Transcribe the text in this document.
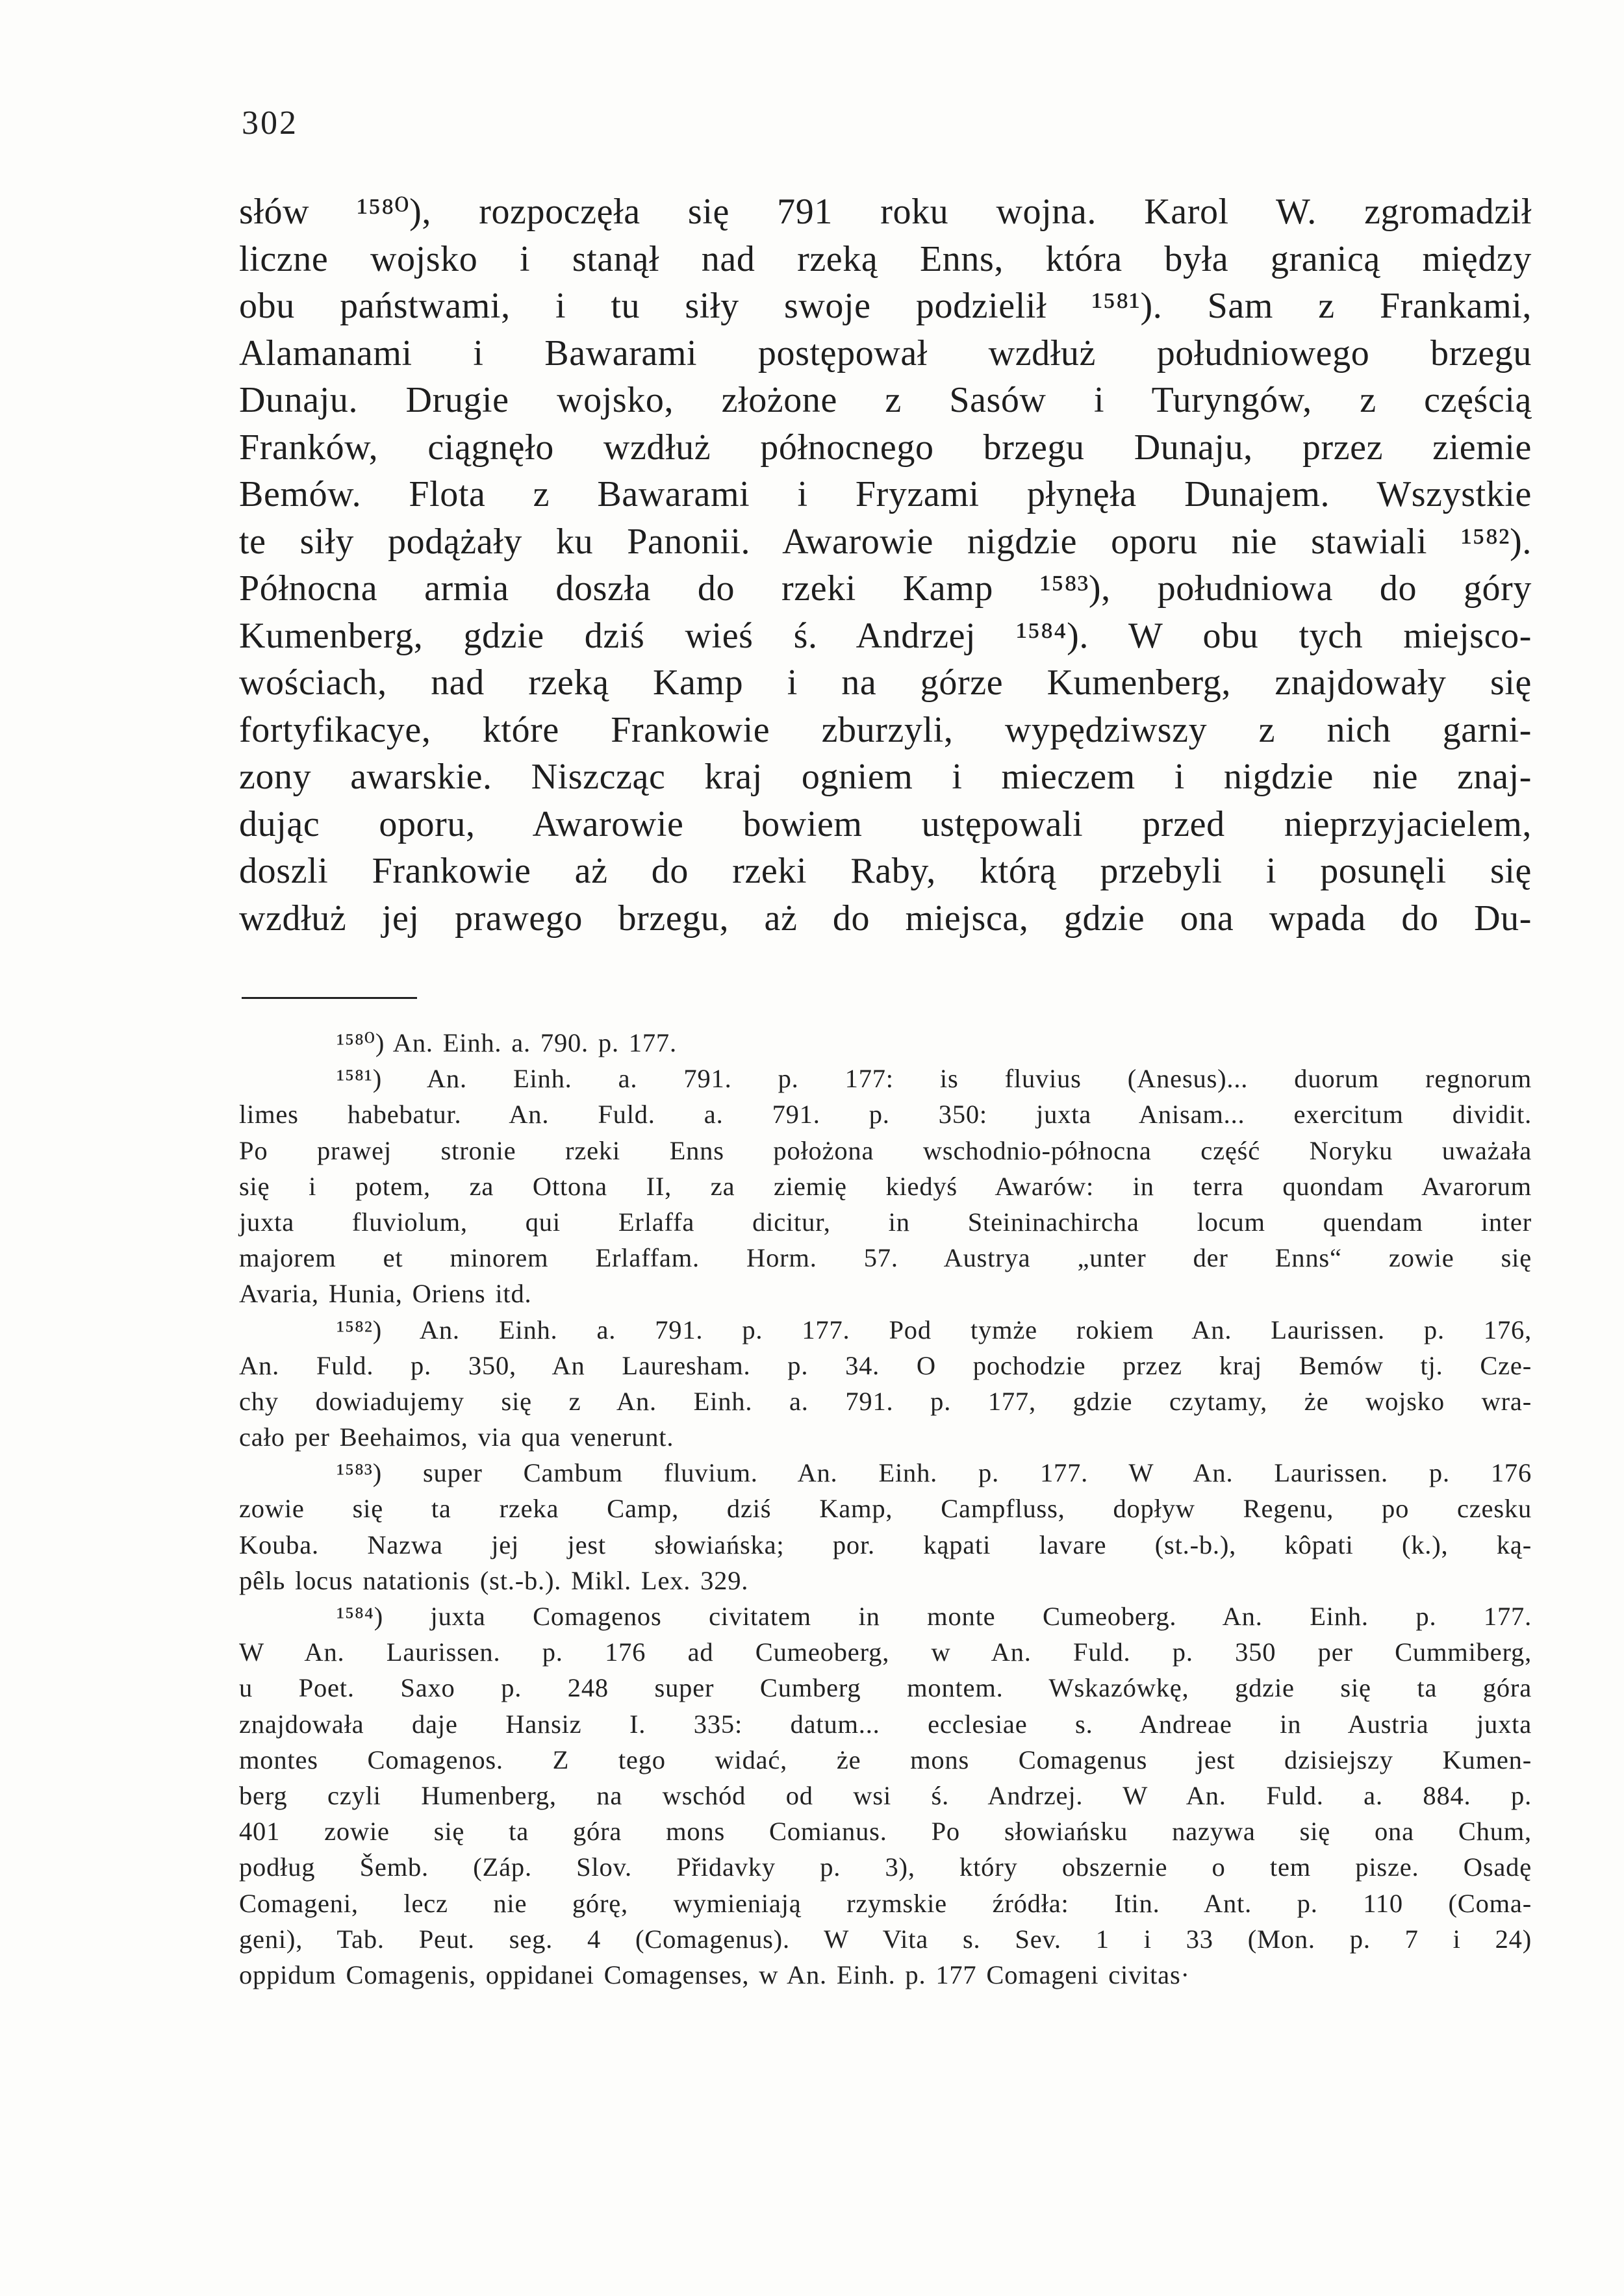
302
słów ¹⁵⁸⁰), rozpoczęła się 791 roku wojna. Karol W. zgromadził
liczne wojsko i stanął nad rzeką Enns, która była granicą między
obu państwami, i tu siły swoje podzielił ¹⁵⁸¹). Sam z Frankami,
Alamanami i Bawarami postępował wzdłuż południowego brzegu
Dunaju. Drugie wojsko, złożone z Sasów i Turyngów, z częścią
Franków, ciągnęło wzdłuż północnego brzegu Dunaju, przez ziemie
Bemów. Flota z Bawarami i Fryzami płynęła Dunajem. Wszystkie
te siły podążały ku Panonii. Awarowie nigdzie oporu nie stawiali ¹⁵⁸²).
Północna armia doszła do rzeki Kamp ¹⁵⁸³), południowa do góry
Kumenberg, gdzie dziś wieś ś. Andrzej ¹⁵⁸⁴). W obu tych miejsco-
wościach, nad rzeką Kamp i na górze Kumenberg, znajdowały się
fortyfikacye, które Frankowie zburzyli, wypędziwszy z nich garni-
zony awarskie. Niszcząc kraj ogniem i mieczem i nigdzie nie znaj-
dując oporu, Awarowie bowiem ustępowali przed nieprzyjacielem,
doszli Frankowie aż do rzeki Raby, którą przebyli i posunęli się
wzdłuż jej prawego brzegu, aż do miejsca, gdzie ona wpada do Du-
¹⁵⁸⁰) An. Einh. a. 790. p. 177.
¹⁵⁸¹) An. Einh. a. 791. p. 177: is fluvius (Anesus)... duorum regnorum
limes habebatur. An. Fuld. a. 791. p. 350: juxta Anisam... exercitum dividit.
Po prawej stronie rzeki Enns położona wschodnio-północna część Noryku uważała
się i potem, za Ottona II, za ziemię kiedyś Awarów: in terra quondam Avarorum
juxta fluviolum, qui Erlaffa dicitur, in Steininachircha locum quendam inter
majorem et minorem Erlaffam. Horm. 57. Austrya „unter der Enns“ zowie się
Avaria, Hunia, Oriens itd.
¹⁵⁸²) An. Einh. a. 791. p. 177. Pod tymże rokiem An. Laurissen. p. 176,
An. Fuld. p. 350, An Lauresham. p. 34. O pochodzie przez kraj Bemów tj. Cze-
chy dowiadujemy się z An. Einh. a. 791. p. 177, gdzie czytamy, że wojsko wra-
cało per Beehaimos, via qua venerunt.
¹⁵⁸³) super Cambum fluvium. An. Einh. p. 177. W An. Laurissen. p. 176
zowie się ta rzeka Camp, dziś Kamp, Campfluss, dopływ Regenu, po czesku
Kouba. Nazwa jej jest słowiańska; por. kąpati lavare (st.-b.), kôpati (k.), ką-
pêlь locus natationis (st.-b.). Mikl. Lex. 329.
¹⁵⁸⁴) juxta Comagenos civitatem in monte Cumeoberg. An. Einh. p. 177.
W An. Laurissen. p. 176 ad Cumeoberg, w An. Fuld. p. 350 per Cummiberg,
u Poet. Saxo p. 248 super Cumberg montem. Wskazówkę, gdzie się ta góra
znajdowała daje Hansiz I. 335: datum... ecclesiae s. Andreae in Austria juxta
montes Comagenos. Z tego widać, że mons Comagenus jest dzisiejszy Kumen-
berg czyli Humenberg, na wschód od wsi ś. Andrzej. W An. Fuld. a. 884. p.
401 zowie się ta góra mons Comianus. Po słowiańsku nazywa się ona Chum,
podług Šemb. (Záp. Slov. Přidavky p. 3), który obszernie o tem pisze. Osadę
Comageni, lecz nie górę, wymieniają rzymskie źródła: Itin. Ant. p. 110 (Coma-
geni), Tab. Peut. seg. 4 (Comagenus). W Vita s. Sev. 1 i 33 (Mon. p. 7 i 24)
oppidum Comagenis, oppidanei Comagenses, w An. Einh. p. 177 Comageni civitas·
